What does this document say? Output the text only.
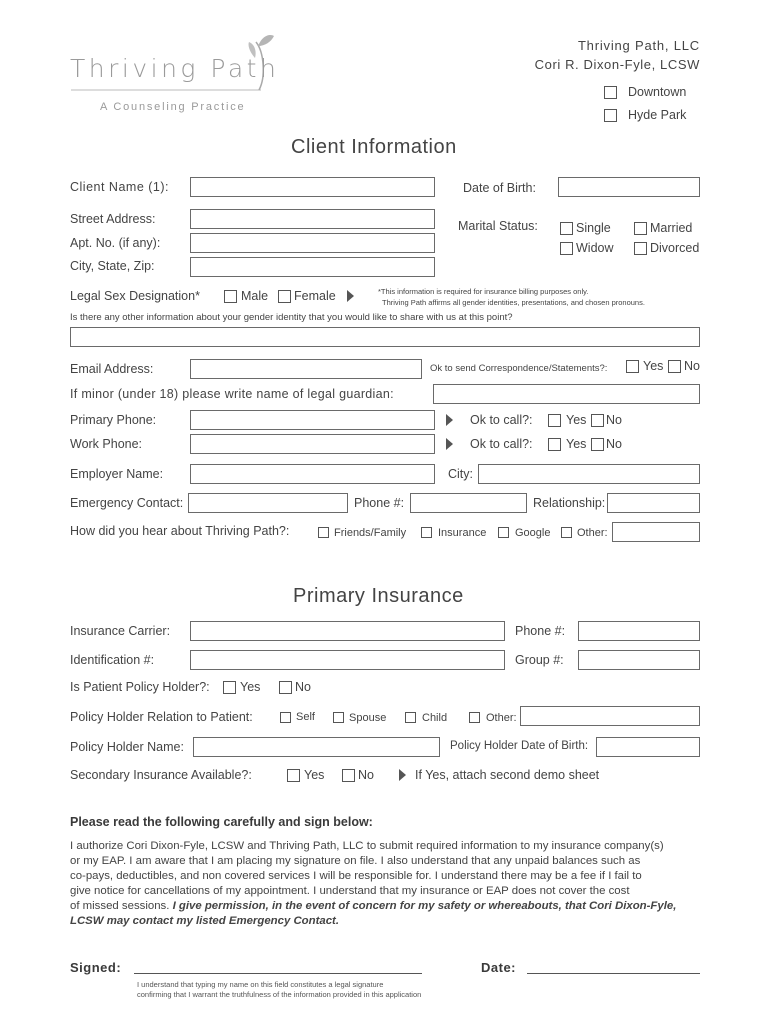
Thriving Path
A Counseling Practice
Thriving Path, LLC
Cori R. Dixon-Fyle, LCSW
Downtown
Hyde Park
Client Information
Client Name (1):	Date of Birth:
Street Address:
Apt. No. (if any):
City, State, Zip:
Marital Status:	Single	Married
Widow	Divorced
Legal Sex Designation*	Male Female	*This information is required for insurance billing purposes only.
Thriving Path affirms all gender identities, presentations, and chosen pronouns.
Is there any other information about your gender identity that you would like to share with us at this point?
Email Address:	Ok to send Correspondence/Statements?:	Yes No
If minor (under 18) please write name of legal guardian:
Primary Phone:	Ok to call?:	Yes No
Work Phone:	Ok to call?:	Yes No
Employer Name:	City:
Emergency Contact:	Phone #:	Relationship:
How did you hear about Thriving Path?:	Friends/Family	Insurance	Google Other:
Primary Insurance
Insurance Carrier:	Phone #:
Identification #:	Group #:
Is Patient Policy Holder?: Yes	No
Policy Holder Relation to Patient:	Self	Spouse	Child	Other:
Policy Holder Name:	Policy Holder Date of Birth:
Secondary Insurance Available?:	Yes	No	If Yes, attach second demo sheet
Please read the following carefully and sign below:
I authorize Cori Dixon-Fyle, LCSW and Thriving Path, LLC to submit required information to my insurance company(s)
or my EAP. I am aware that I am placing my signature on file. I also understand that any unpaid balances such as
co-pays, deductibles, and non covered services I will be responsible for. I understand there may be a fee if I fail to
give notice for cancellations of my appointment. I understand that my insurance or EAP does not cover the cost
of missed sessions. I give permission, in the event of concern for my safety or whereabouts, that Cori Dixon-Fyle,
LCSW may contact my listed Emergency Contact.
Signed:	Date:
I understand that typing my name on this field constitutes a legal signature
confirming that I warrant the truthfulness of the information provided in this application
